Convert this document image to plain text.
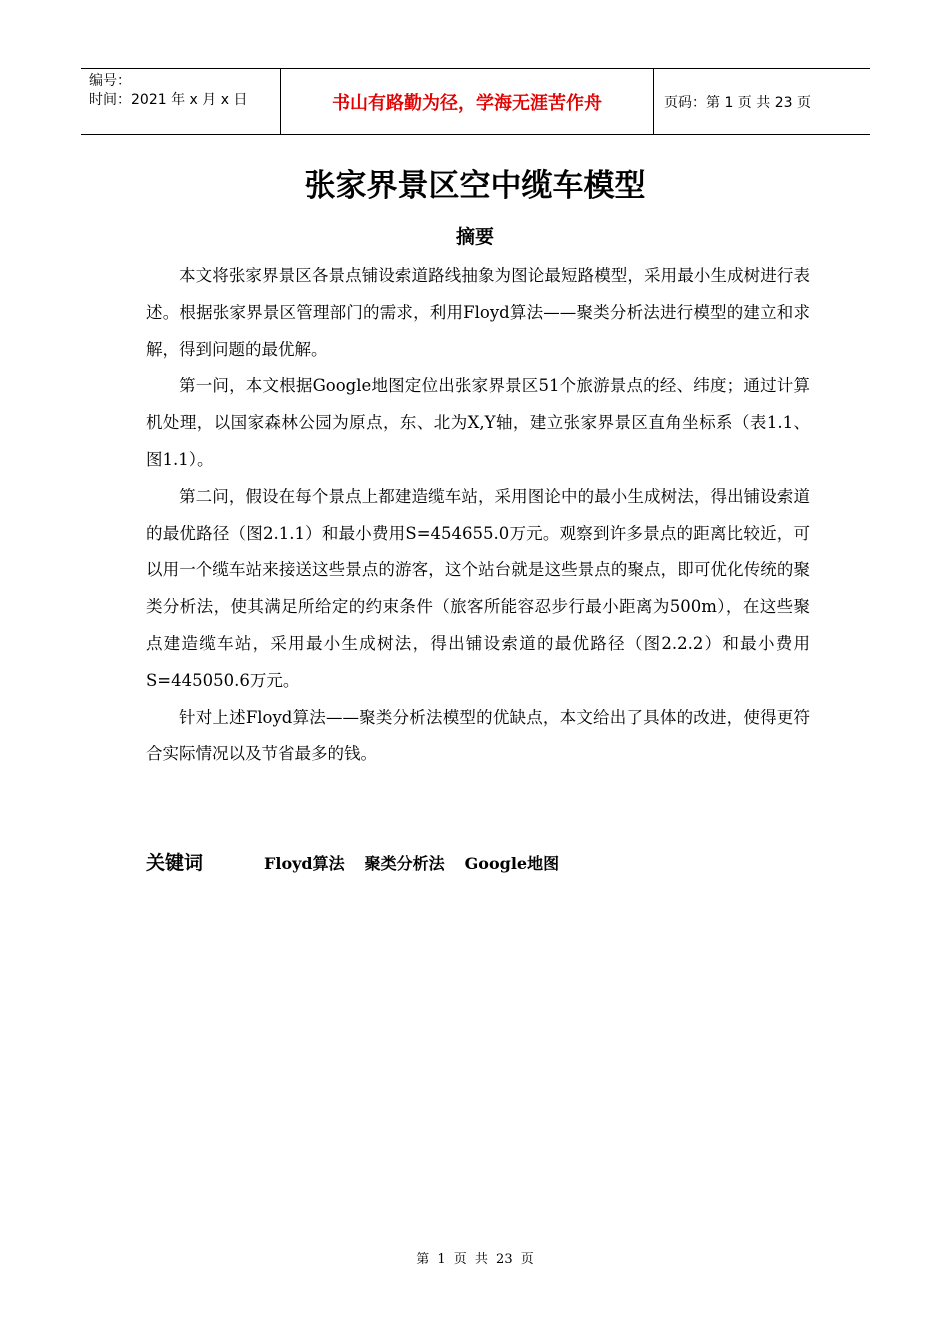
编号：
时间：2021 年 x 月 x 日	书山有路勤为径，学海无涯苦作舟	页码：第 1 页 共 23 页
张家界景区空中缆车模型
摘要

本文将张家界景区各景点铺设索道路线抽象为图论最短路模型，采用最小生成树进行表述。根据张家界景区管理部门的需求，利用Floyd算法——聚类分析法进行模型的建立和求解，得到问题的最优解。

第一问，本文根据Google地图定位出张家界景区51个旅游景点的经、纬度；通过计算机处理，以国家森林公园为原点，东、北为X,Y轴，建立张家界景区直角坐标系（表1.1、图1.1）。

第二问，假设在每个景点上都建造缆车站，采用图论中的最小生成树法，得出铺设索道的最优路径（图2.1.1）和最小费用S=454655.0万元。观察到许多景点的距离比较近，可以用一个缆车站来接送这些景点的游客，这个站台就是这些景点的聚点，即可优化传统的聚类分析法，使其满足所给定的约束条件（旅客所能容忍步行最小距离为500m），在这些聚点建造缆车站，采用最小生成树法，得出铺设索道的最优路径（图2.2.2）和最小费用S=445050.6万元。

针对上述Floyd算法——聚类分析法模型的优缺点，本文给出了具体的改进，使得更符合实际情况以及节省最多的钱。

关键词	Floyd算法 聚类分析法 Google地图
第 1 页 共 23 页
